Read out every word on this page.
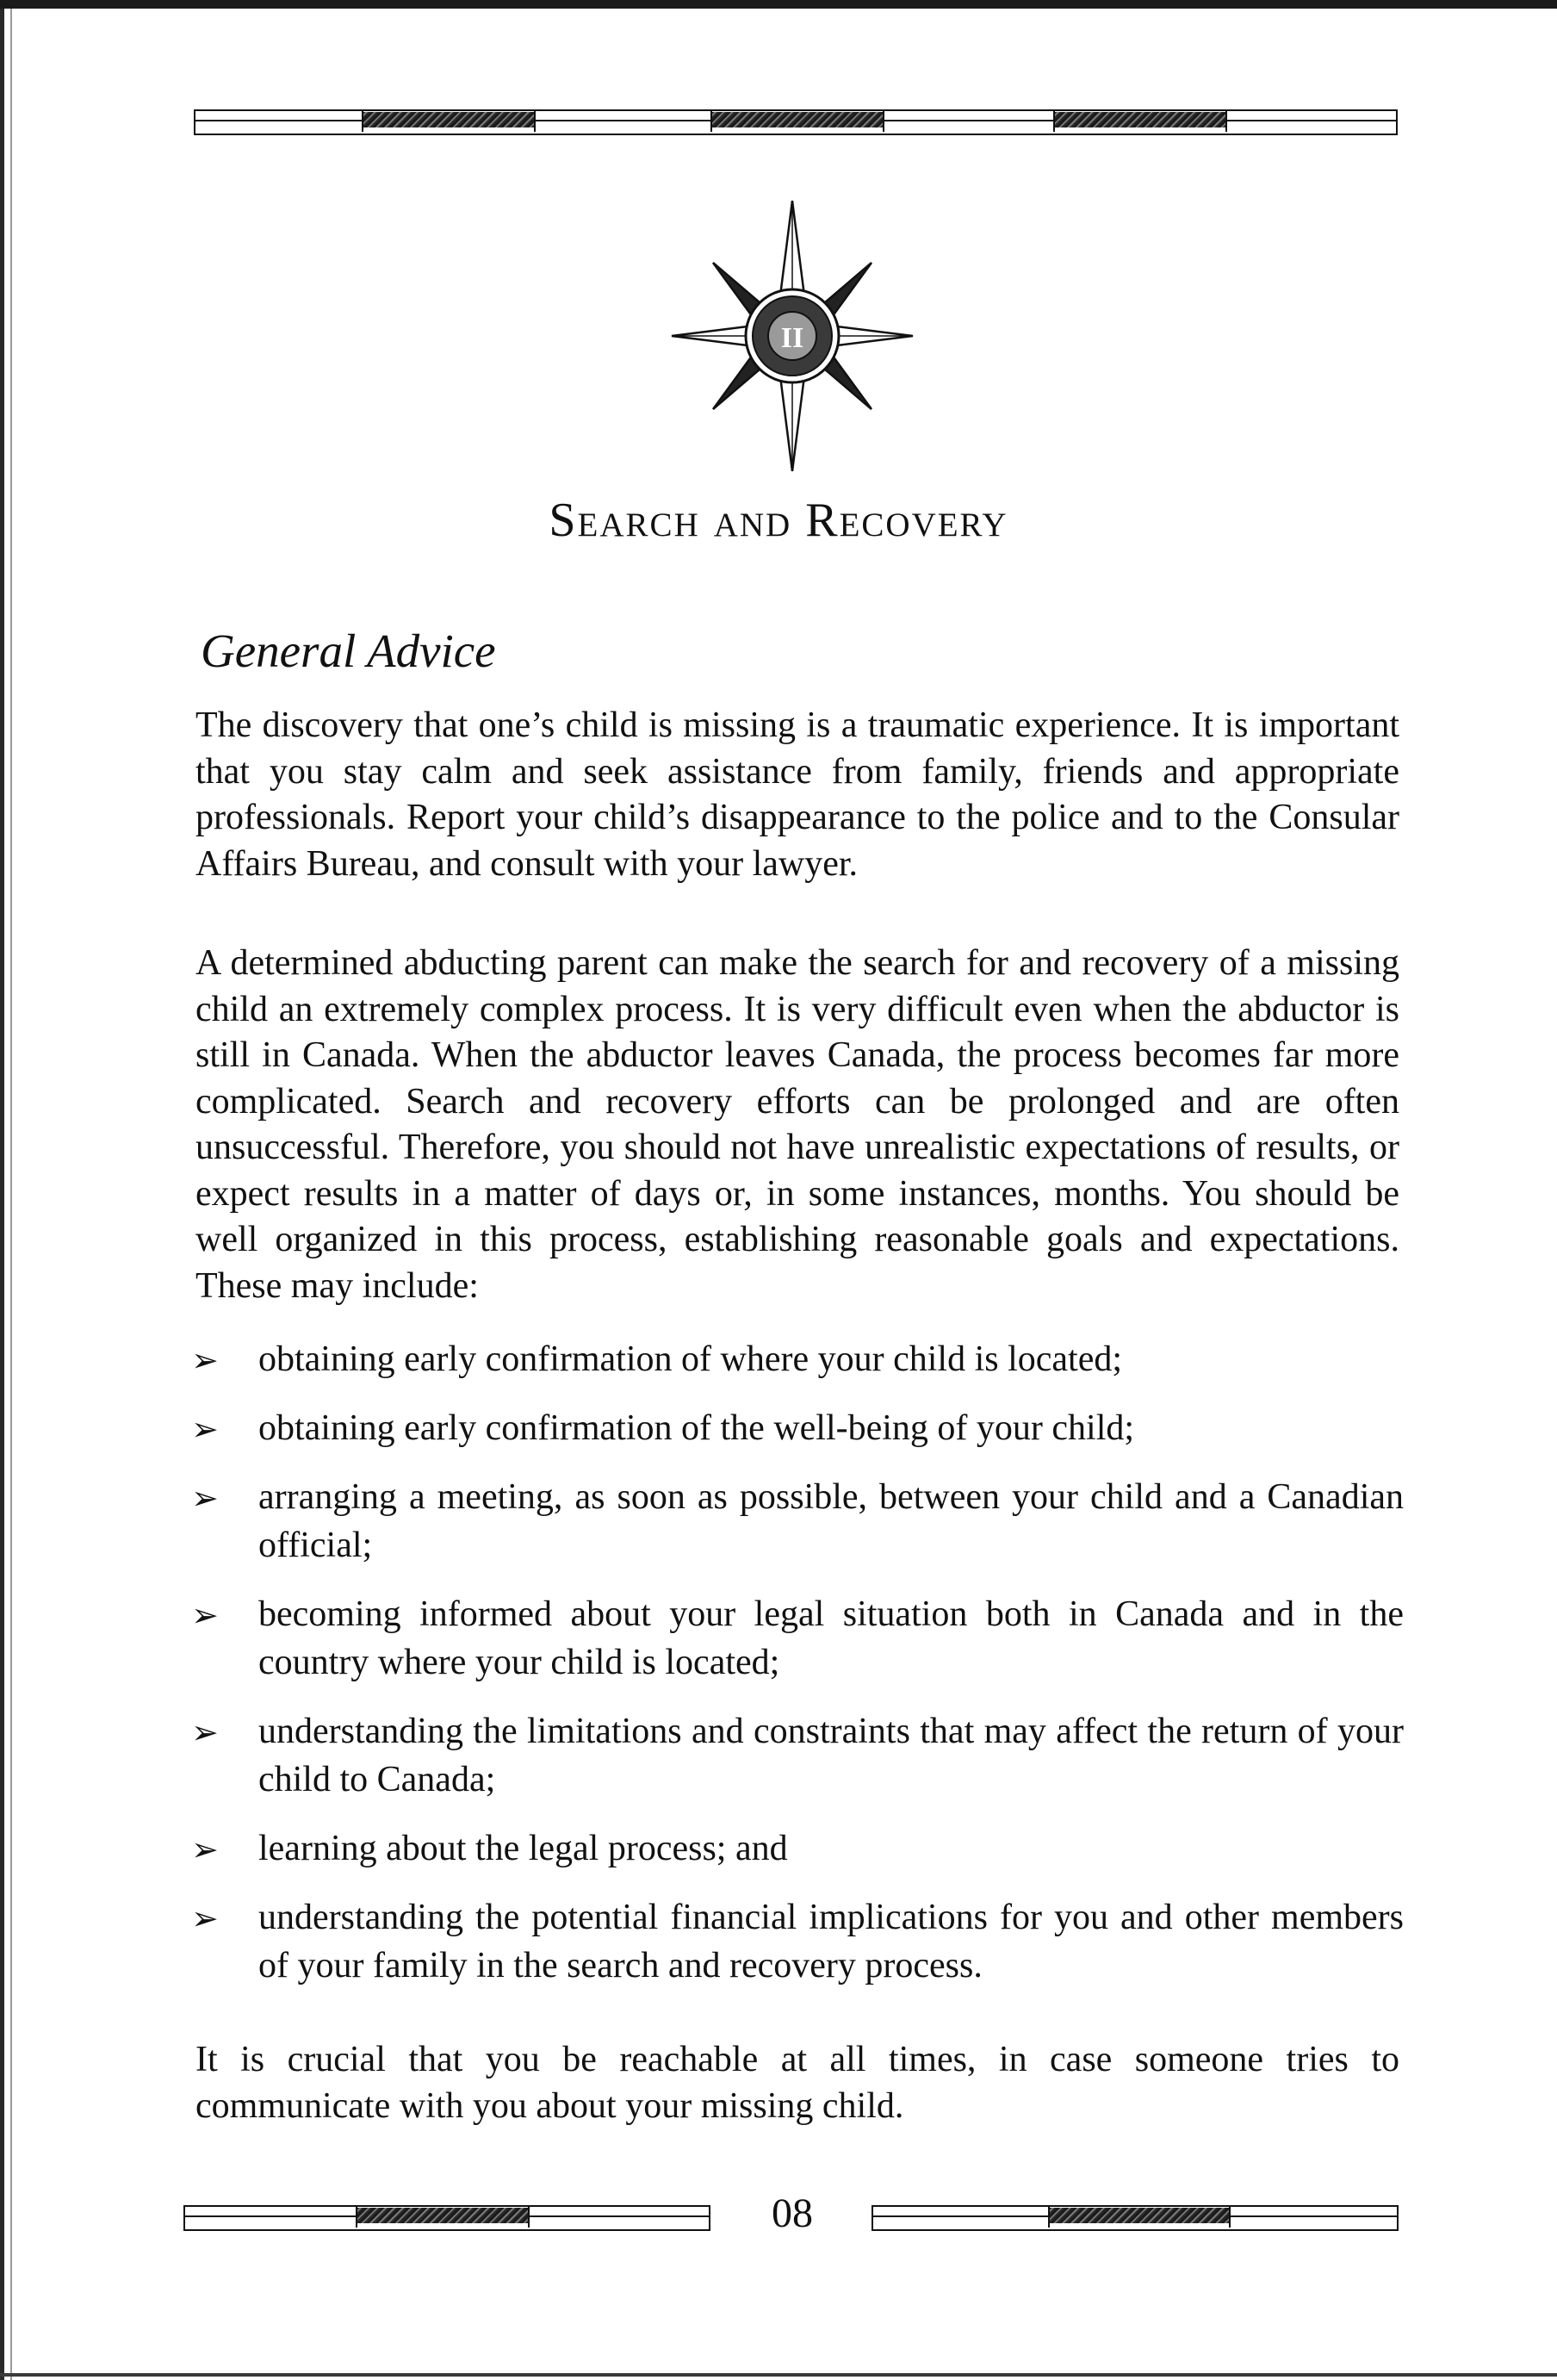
II
Search and Recovery
General Advice

The discovery that one’s child is missing is a traumatic experience. It is important that you stay calm and seek assistance from family, friends and appropriate professionals. Report your child’s disappearance to the police and to the Consular Affairs Bureau, and consult with your lawyer.

A determined abducting parent can make the search for and recovery of a missing child an extremely complex process. It is very difficult even when the abductor is still in Canada. When the abductor leaves Canada, the process becomes far more complicated. Search and recovery efforts can be prolonged and are often unsuccessful. Therefore, you should not have unrealistic expectations of results, or expect results in a matter of days or, in some instances, months. You should be well organized in this process, establishing reasonable goals and expectations. These may include:

➢	obtaining early confirmation of where your child is located;
➢	obtaining early confirmation of the well-being of your child;
➢	arranging a meeting, as soon as possible, between your child and a Canadian official;
➢	becoming informed about your legal situation both in Canada and in the country where your child is located;
➢	understanding the limitations and constraints that may affect the return of your child to Canada;
➢	learning about the legal process; and
➢	understanding the potential financial implications for you and other members of your family in the search and recovery process.

It is crucial that you be reachable at all times, in case someone tries to communicate with you about your missing child.

08
